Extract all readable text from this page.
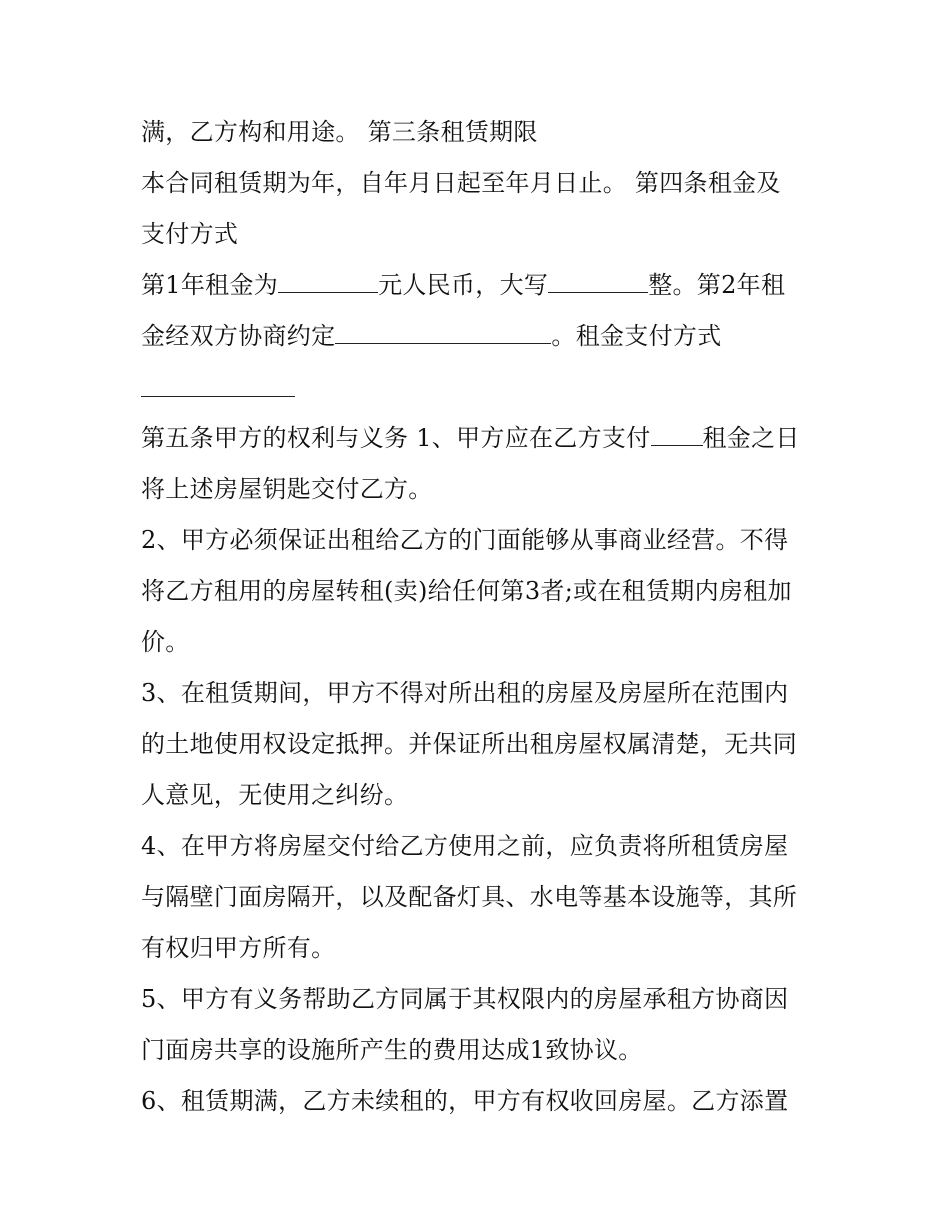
满，乙方构和用途。 第三条租赁期限
本合同租赁期为年，自年月日起至年月日止。 第四条租金及
支付方式
第1年租金为	元人民币，大写	整。第2年租
金经双方协商约定	。租金支付方式
第五条甲方的权利与义务 1、甲方应在乙方支付 租金之日
将上述房屋钥匙交付乙方。
2、甲方必须保证出租给乙方的门面能够从事商业经营。不得
将乙方租用的房屋转租(卖)给任何第3者;或在租赁期内房租加
价。
3、在租赁期间，甲方不得对所出租的房屋及房屋所在范围内
的土地使用权设定抵押。并保证所出租房屋权属清楚，无共同
人意见，无使用之纠纷。
4、在甲方将房屋交付给乙方使用之前，应负责将所租赁房屋
与隔壁门面房隔开，以及配备灯具、水电等基本设施等，其所
有权归甲方所有。
5、甲方有义务帮助乙方同属于其权限内的房屋承租方协商因
门面房共享的设施所产生的费用达成1致协议。
6、租赁期满，乙方未续租的，甲方有权收回房屋。乙方添置
